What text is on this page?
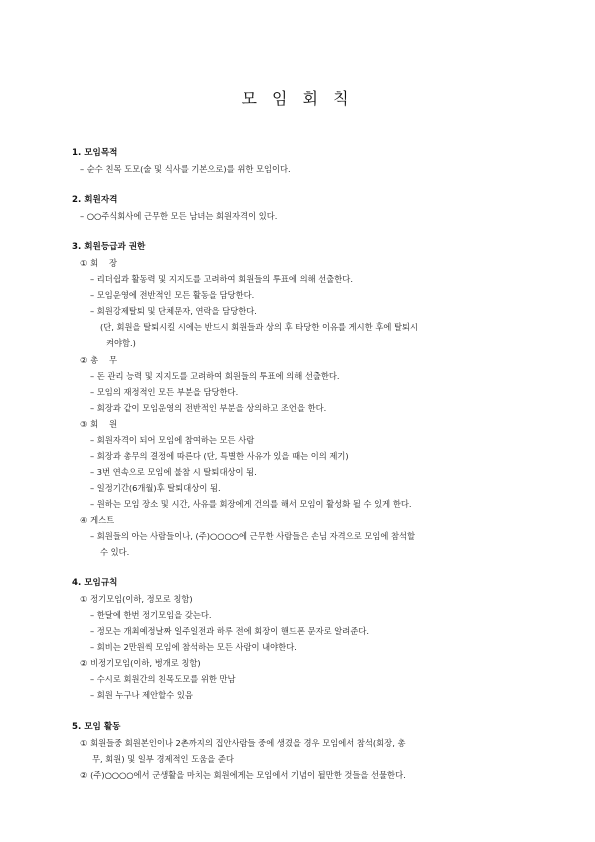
모 임 회 칙

1. 모임목적

– 순수 친목 도모(술 및 식사를 기본으로)를 위한 모임이다.

2. 회원자격

– ○○주식회사에 근무한 모든 남녀는 회원자격이 있다.

3. 회원등급과 권한

① 회　 장

– 리더쉽과 활동력 및 지지도를 고려하여 회원들의 투표에 의해 선출한다.

– 모임운영에 전반적인 모든 활동을 담당한다.

– 회원강제탈퇴 및 단체문자, 연락을 담당한다.

(단, 회원을 탈퇴시킬 시에는 반드시 회원들과 상의 후 타당한 이유를 게시한 후에 탈퇴시

켜야함.)

② 총　 무

– 돈 관리 능력 및 지지도를 고려하여 회원들의 투표에 의해 선출한다.

– 모임의 재정적인 모든 부분을 담당한다.

– 회장과 같이 모임운영의 전반적인 부분을 상의하고 조언을 한다.

③ 회　 원

– 회원자격이 되어 모임에 참여하는 모든 사람

– 회장과 총무의 결정에 따른다 (단, 특별한 사유가 있을 때는 이의 제기)

– 3번 연속으로 모임에 불참 시 탈퇴대상이 됨.

– 일정기간(6개월)후 탈퇴대상이 됨.

– 원하는 모임 장소 및 시간, 사유를 회장에게 건의를 해서 모임이 활성화 될 수 있게 한다.

④ 게스트

– 회원들의 아는 사람들이나, (주)○○○○에 근무한 사람들은 손님 자격으로 모임에 참석할

수 있다.

4. 모임규칙

① 정기모임(이하, 정모로 칭함)

– 한달에 한번 정기모임을 갖는다.

– 정모는 개최예정날짜 일주일전과 하루 전에 회장이 핸드폰 문자로 알려준다.

– 회비는 2만원씩 모임에 참석하는 모든 사람이 내야한다.

② 비정기모임(이하, 벙개로 칭함)

– 수시로 회원간의 친목도모를 위한 만남

– 회원 누구나 제안할수 있음

5. 모임 활동

① 회원들중 회원본인이나 2촌까지의 집안사람들 중에 생겼을 경우 모임에서 참석(회장, 총

무, 회원) 및 일부 경제적인 도움을 준다

② (주)○○○○에서 군생활을 마치는 회원에게는 모임에서 기념이 될만한 것들을 선물한다.
